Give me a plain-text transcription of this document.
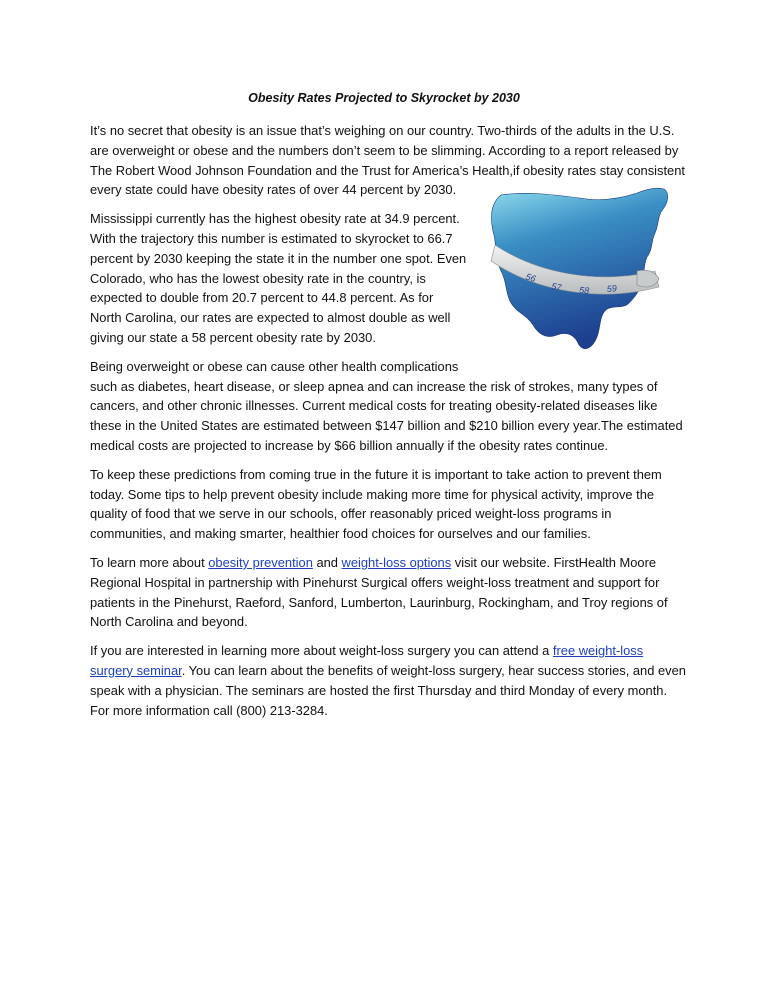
Obesity Rates Projected to Skyrocket by 2030

It’s no secret that obesity is an issue that’s weighing on our country. Two-thirds of the adults in the U.S.
are overweight or obese and the numbers don’t seem to be slimming. According to a report released by
The Robert Wood Johnson Foundation and the Trust for America’s Health,if obesity rates stay consistent
every state could have obesity rates of over 44 percent by 2030.

Mississippi currently has the highest obesity rate at 34.9 percent.
With the trajectory this number is estimated to skyrocket to 66.7
percent by 2030 keeping the state it in the number one spot. Even
Colorado, who has the lowest obesity rate in the country, is
expected to double from 20.7 percent to 44.8 percent. As for
North Carolina, our rates are expected to almost double as well
giving our state a 58 percent obesity rate by 2030.

Being overweight or obese can cause other health complications
such as diabetes, heart disease, or sleep apnea and can increase the risk of strokes, many types of
cancers, and other chronic illnesses. Current medical costs for treating obesity-related diseases like
these in the United States are estimated between $147 billion and $210 billion every year.The estimated
medical costs are projected to increase by $66 billion annually if the obesity rates continue.

To keep these predictions from coming true in the future it is important to take action to prevent them
today. Some tips to help prevent obesity include making more time for physical activity, improve the
quality of food that we serve in our schools, offer reasonably priced weight-loss programs in
communities, and making smarter, healthier food choices for ourselves and our families.

To learn more about obesity prevention and weight-loss options visit our website. FirstHealth Moore
Regional Hospital in partnership with Pinehurst Surgical offers weight-loss treatment and support for
patients in the Pinehurst, Raeford, Sanford, Lumberton, Laurinburg, Rockingham, and Troy regions of
North Carolina and beyond.

If you are interested in learning more about weight-loss surgery you can attend a free weight-loss
surgery seminar. You can learn about the benefits of weight-loss surgery, hear success stories, and even
speak with a physician. The seminars are hosted the first Thursday and third Monday of every month.
For more information call (800) 213-3284.

56
57 58 59
